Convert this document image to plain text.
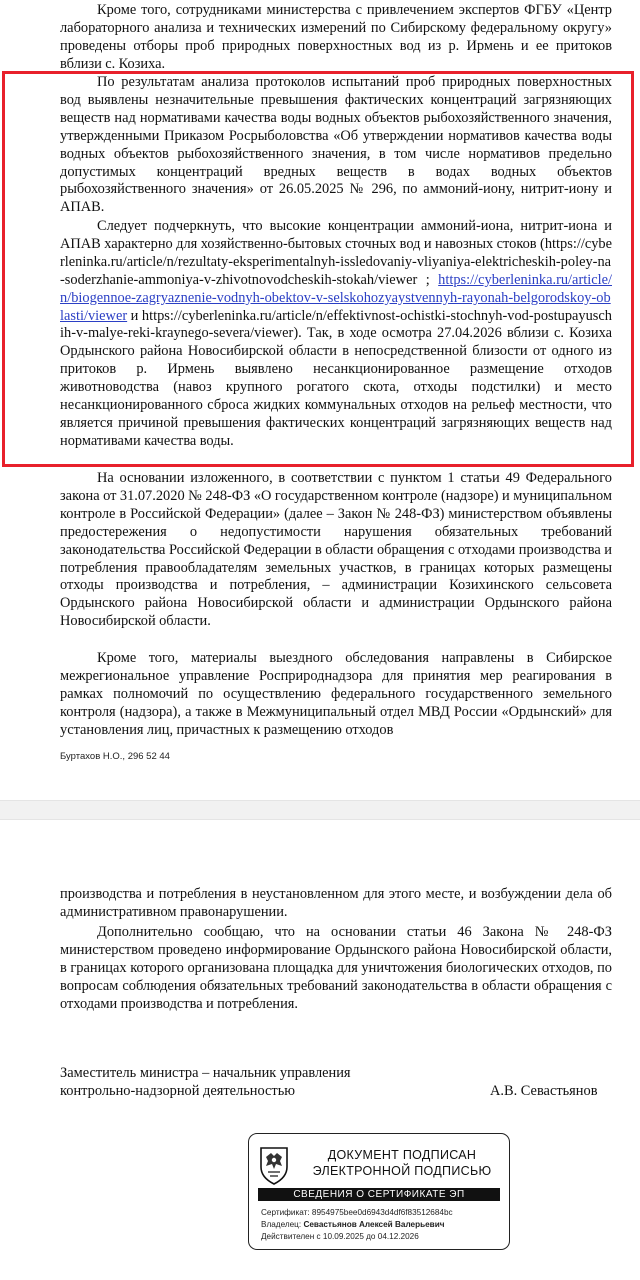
Кроме того, сотрудниками министерства с привлечением экспертов ФГБУ «Центр лабораторного анализа и технических измерений по Сибирскому федеральному округу» проведены отборы проб природных поверхностных вод из р. Ирмень и ее притоков вблизи с. Козиха.

По результатам анализа протоколов испытаний проб природных поверхностных вод выявлены незначительные превышения фактических концентраций загрязняющих веществ над нормативами качества воды водных объектов рыбохозяйственного значения, утвержденными Приказом Росрыболовства «Об утверждении нормативов качества воды водных объектов рыбохозяйственного значения, в том числе нормативов предельно допустимых концентраций вредных веществ в водах водных объектов рыбохозяйственного значения» от 26.05.2025 № 296, по аммоний-иону, нитрит-иону и АПАВ.

Следует подчеркнуть, что высокие концентрации аммоний-иона, нитрит-иона и АПАВ характерно для хозяйственно-бытовых сточных вод и навозных стоков (https://cyberleninka.ru/article/n/rezultaty-eksperimentalnyh-issledovaniy-vliyaniya-elektricheskih-poley-na-soderzhanie-ammoniya-v-zhivotnovodcheskih-stokah/viewer ; https://cyberleninka.ru/article/n/biogennoe-zagryaznenie-vodnyh-obektov-v-selskohozyaystvennyh-rayonah-belgorodskoy-oblasti/viewer и https://cyberleninka.ru/article/n/effektivnost-ochistki-stochnyh-vod-postupayuschih-v-malye-reki-kraynego-severa/viewer). Так, в ходе осмотра 27.04.2026 вблизи с. Козиха Ордынского района Новосибирской области в непосредственной близости от одного из притоков р. Ирмень выявлено несанкционированное размещение отходов животноводства (навоз крупного рогатого скота, отходы подстилки) и место несанкционированного сброса жидких коммунальных отходов на рельеф местности, что является причиной превышения фактических концентраций загрязняющих веществ над нормативами качества воды.

На основании изложенного, в соответствии с пунктом 1 статьи 49 Федерального закона от 31.07.2020 № 248-ФЗ «О государственном контроле (надзоре) и муниципальном контроле в Российской Федерации» (далее – Закон № 248-ФЗ) министерством объявлены предостережения о недопустимости нарушения обязательных требований законодательства Российской Федерации в области обращения с отходами производства и потребления правообладателям земельных участков, в границах которых размещены отходы производства и потребления, – администрации Козихинского сельсовета Ордынского района Новосибирской области и администрации Ордынского района Новосибирской области.

Кроме того, материалы выездного обследования направлены в Сибирское межрегиональное управление Росприроднадзора для принятия мер реагирования в рамках полномочий по осуществлению федерального государственного земельного контроля (надзора), а также в Межмуниципальный отдел МВД России «Ордынский» для установления лиц, причастных к размещению отходов

Буртахов Н.О., 296 52 44

производства и потребления в неустановленном для этого месте, и возбуждении дела об административном правонарушении.

Дополнительно сообщаю, что на основании статьи 46 Закона № 248-ФЗ министерством проведено информирование Ордынского района Новосибирской области, в границах которого организована площадка для уничтожения биологических отходов, по вопросам соблюдения обязательных требований законодательства в области обращения с отходами производства и потребления.

Заместитель министра – начальник управления
контрольно-надзорной деятельностью	А.В. Севастьянов
ДОКУМЕНТ ПОДПИСАН
ЭЛЕКТРОННОЙ ПОДПИСЬЮ
СВЕДЕНИЯ О СЕРТИФИКАТЕ ЭП
Сертификат: 8954975bee0d6943d4df6f83512684bc
Владелец: Севастьянов Алексей Валерьевич
Действителен с 10.09.2025 до 04.12.2026
